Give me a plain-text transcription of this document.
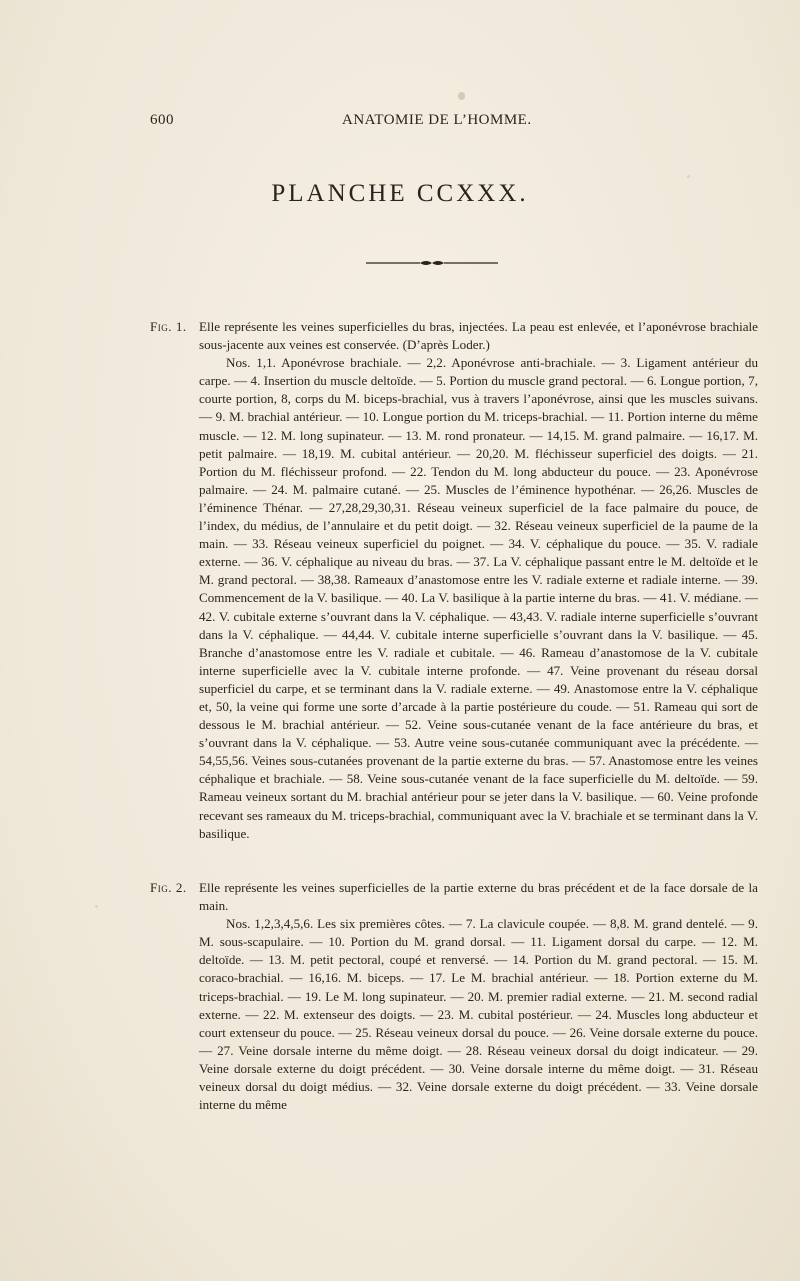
600	ANATOMIE DE L’HOMME.
PLANCHE CCXXX.
Fig. 1. Elle représente les veines superficielles du bras, injectées. La peau est enlevée, et l’aponévrose brachiale sous-jacente aux veines est conservée. (D’après Loder.)

Nos. 1,1. Aponévrose brachiale. — 2,2. Aponévrose anti-brachiale. — 3. Ligament antérieur du carpe. — 4. Insertion du muscle deltoïde. — 5. Portion du muscle grand pectoral. — 6. Longue portion, 7, courte portion, 8, corps du M. biceps-brachial, vus à travers l’aponévrose, ainsi que les muscles suivans. — 9. M. brachial antérieur. — 10. Longue portion du M. triceps-brachial. — 11. Portion interne du même muscle. — 12. M. long supinateur. — 13. M. rond pronateur. — 14,15. M. grand palmaire. — 16,17. M. petit palmaire. — 18,19. M. cubital antérieur. — 20,20. M. fléchisseur superficiel des doigts. — 21. Portion du M. fléchisseur profond. — 22. Tendon du M. long abducteur du pouce. — 23. Aponévrose palmaire. — 24. M. palmaire cutané. — 25. Muscles de l’éminence hypothénar. — 26,26. Muscles de l’éminence Thénar. — 27,28,29,30,31. Réseau veineux superficiel de la face palmaire du pouce, de l’index, du médius, de l’annulaire et du petit doigt. — 32. Réseau veineux superficiel de la paume de la main. — 33. Réseau veineux superficiel du poignet. — 34. V. céphalique du pouce. — 35. V. radiale externe. — 36. V. céphalique au niveau du bras. — 37. La V. céphalique passant entre le M. deltoïde et le M. grand pectoral. — 38,38. Rameaux d’anastomose entre les V. radiale externe et radiale interne. — 39. Commencement de la V. basilique. — 40. La V. basilique à la partie interne du bras. — 41. V. médiane. — 42. V. cubitale externe s’ouvrant dans la V. céphalique. — 43,43. V. radiale interne superficielle s’ouvrant dans la V. céphalique. — 44,44. V. cubitale interne superficielle s’ouvrant dans la V. basilique. — 45. Branche d’anastomose entre les V. radiale et cubitale. — 46. Rameau d’anastomose de la V. cubitale interne superficielle avec la V. cubitale interne profonde. — 47. Veine provenant du réseau dorsal superficiel du carpe, et se terminant dans la V. radiale externe. — 49. Anastomose entre la V. céphalique et, 50, la veine qui forme une sorte d’arcade à la partie postérieure du coude. — 51. Rameau qui sort de dessous le M. brachial antérieur. — 52. Veine sous-cutanée venant de la face antérieure du bras, et s’ouvrant dans la V. céphalique. — 53. Autre veine sous-cutanée communiquant avec la précédente. — 54,55,56. Veines sous-cutanées provenant de la partie externe du bras. — 57. Anastomose entre les veines céphalique et brachiale. — 58. Veine sous-cutanée venant de la face superficielle du M. deltoïde. — 59. Rameau veineux sortant du M. brachial antérieur pour se jeter dans la V. basilique. — 60. Veine profonde recevant ses rameaux du M. triceps-brachial, communiquant avec la V. brachiale et se terminant dans la V. basilique.

Fig. 2. Elle représente les veines superficielles de la partie externe du bras précédent et de la face dorsale de la main.

Nos. 1,2,3,4,5,6. Les six premières côtes. — 7. La clavicule coupée. — 8,8. M. grand dentelé. — 9. M. sous-scapulaire. — 10. Portion du M. grand dorsal. — 11. Ligament dorsal du carpe. — 12. M. deltoïde. — 13. M. petit pectoral, coupé et renversé. — 14. Portion du M. grand pectoral. — 15. M. coraco-brachial. — 16,16. M. biceps. — 17. Le M. brachial antérieur. — 18. Portion externe du M. triceps-brachial. — 19. Le M. long supinateur. — 20. M. premier radial externe. — 21. M. second radial externe. — 22. M. extenseur des doigts. — 23. M. cubital postérieur. — 24. Muscles long abducteur et court extenseur du pouce. — 25. Réseau veineux dorsal du pouce. — 26. Veine dorsale externe du pouce. — 27. Veine dorsale interne du même doigt. — 28. Réseau veineux dorsal du doigt indicateur. — 29. Veine dorsale externe du doigt précédent. — 30. Veine dorsale interne du même doigt. — 31. Réseau veineux dorsal du doigt médius. — 32. Veine dorsale externe du doigt précédent. — 33. Veine dorsale interne du même
